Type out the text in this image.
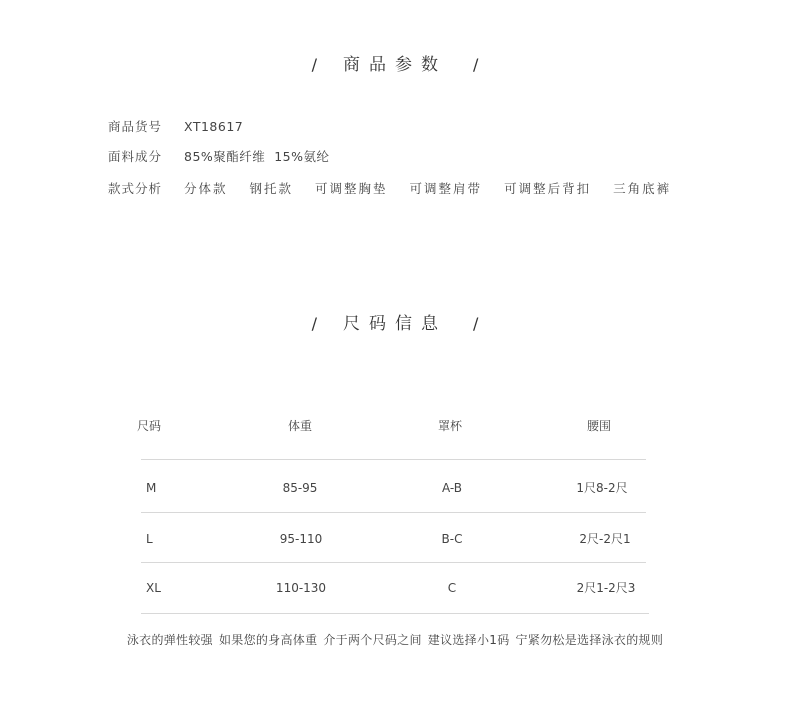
/ 商品参数 /
商品货号 XT18617
面料成分 85%聚酯纤维  15%氨纶
款式分析 分体款 钢托款 可调整胸垫 可调整肩带 可调整后背扣 三角底裤
/ 尺码信息 /
尺码	体重	罩杯	腰围
M	85-95	A-B	1尺8-2尺
L	95-110	B-C	2尺-2尺1
XL	110-130	C	2尺1-2尺3
泳衣的弹性较强 如果您的身高体重 介于两个尺码之间 建议选择小1码 宁紧勿松是选择泳衣的规则
